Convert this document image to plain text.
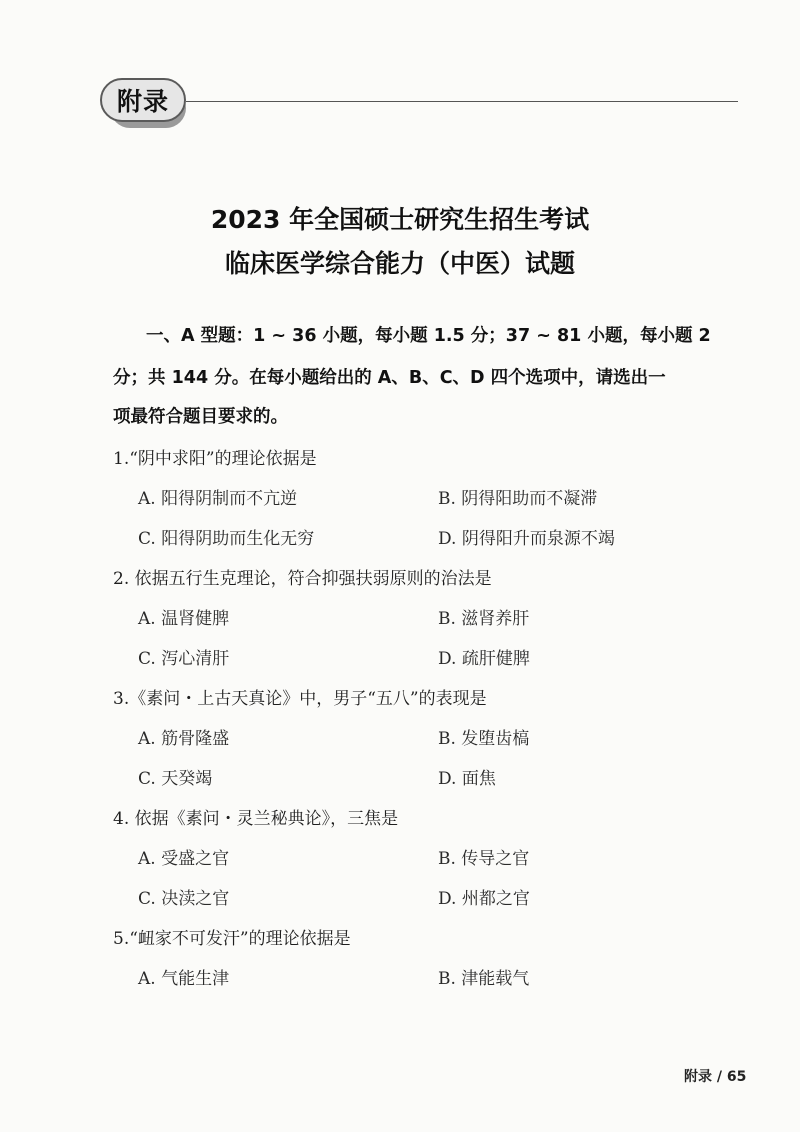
附录
2023 年全国硕士研究生招生考试
临床医学综合能力（中医）试题
一、A 型题：1 ~ 36 小题，每小题 1.5 分；37 ~ 81 小题，每小题 2
分；共 144 分。在每小题给出的 A、B、C、D 四个选项中，请选出一
项最符合题目要求的。
1.“阴中求阳”的理论依据是
A. 阳得阴制而不亢逆	B. 阴得阳助而不凝滞
C. 阳得阴助而生化无穷	D. 阴得阳升而泉源不竭
2. 依据五行生克理论，符合抑强扶弱原则的治法是
A. 温肾健脾	B. 滋肾养肝
C. 泻心清肝	D. 疏肝健脾
3.《素问・上古天真论》中，男子“五八”的表现是
A. 筋骨隆盛	B. 发堕齿槁
C. 天癸竭	D. 面焦
4. 依据《素问・灵兰秘典论》，三焦是
A. 受盛之官	B. 传导之官
C. 决渎之官	D. 州都之官
5.“衄家不可发汗”的理论依据是
A. 气能生津	B. 津能载气
附录 / 65
